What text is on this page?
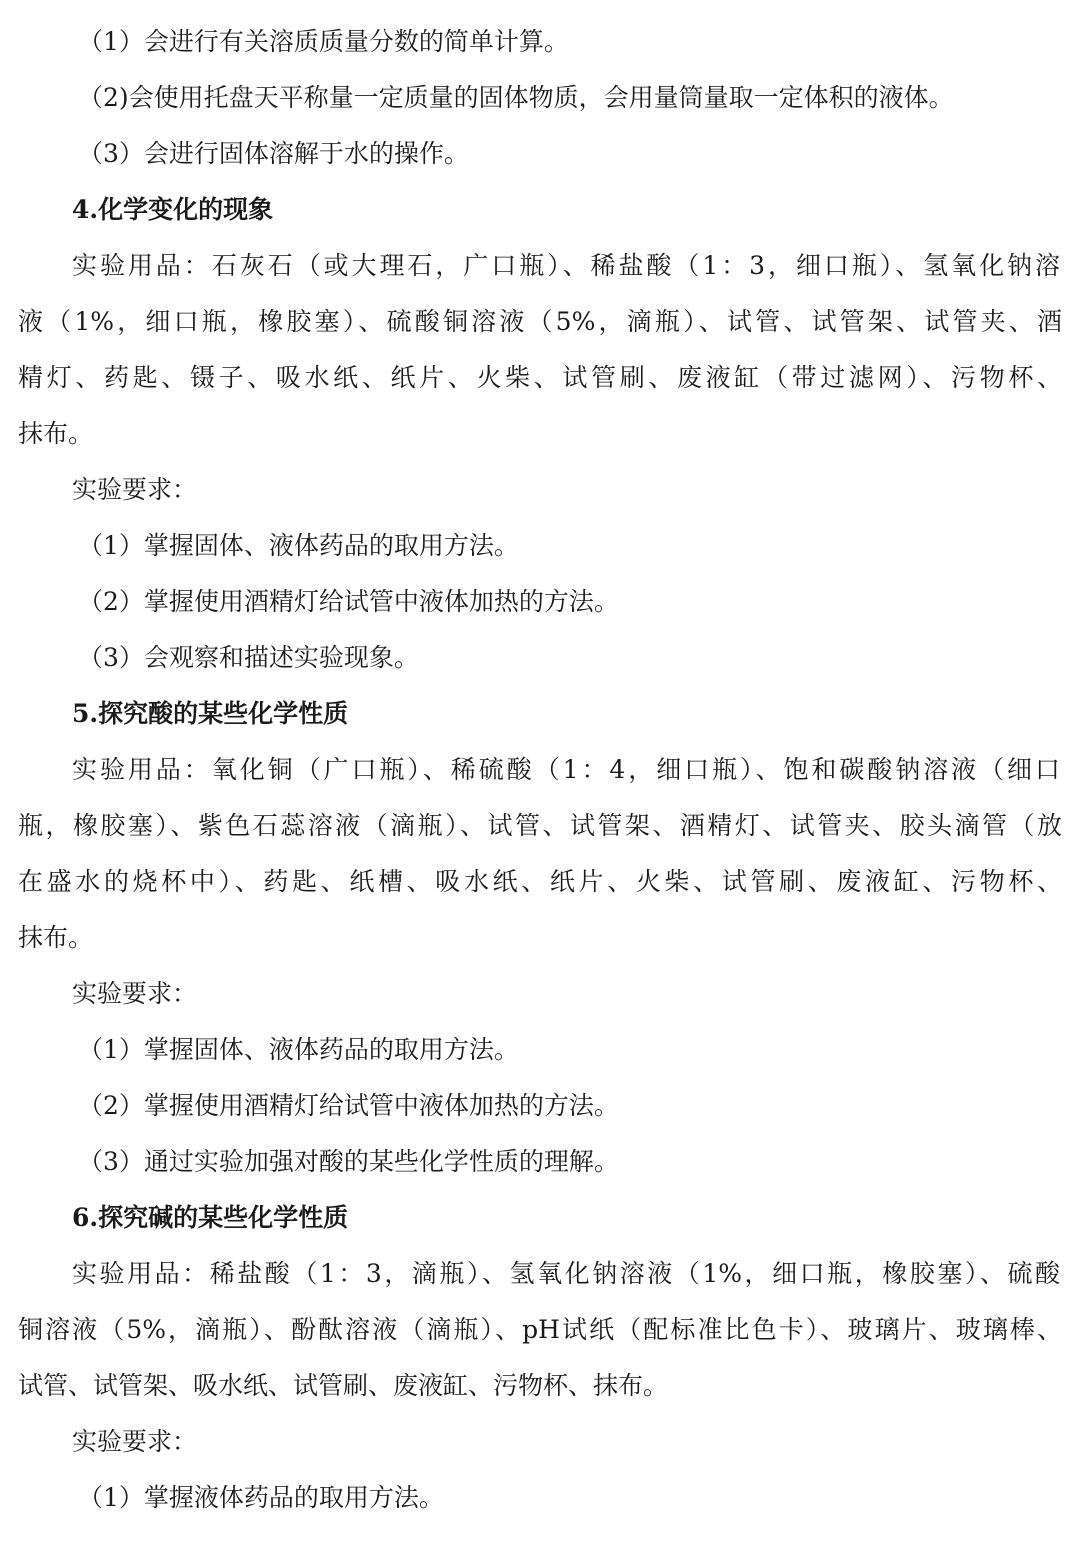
（1）会进行有关溶质质量分数的简单计算。
（2)会使用托盘天平称量一定质量的固体物质，会用量筒量取一定体积的液体。
（3）会进行固体溶解于水的操作。
4.化学变化的现象
实验用品：石灰石（或大理石，广口瓶）、稀盐酸（1：3，细口瓶）、氢氧化钠溶
液（1%，细口瓶，橡胶塞）、硫酸铜溶液（5%，滴瓶）、试管、试管架、试管夹、酒
精灯、药匙、镊子、吸水纸、纸片、火柴、试管刷、废液缸（带过滤网）、污物杯、
抹布。
实验要求：
（1）掌握固体、液体药品的取用方法。
（2）掌握使用酒精灯给试管中液体加热的方法。
（3）会观察和描述实验现象。
5.探究酸的某些化学性质
实验用品：氧化铜（广口瓶）、稀硫酸（1：4，细口瓶）、饱和碳酸钠溶液（细口
瓶，橡胶塞）、紫色石蕊溶液（滴瓶）、试管、试管架、酒精灯、试管夹、胶头滴管（放
在盛水的烧杯中）、药匙、纸槽、吸水纸、纸片、火柴、试管刷、废液缸、污物杯、
抹布。
实验要求：
（1）掌握固体、液体药品的取用方法。
（2）掌握使用酒精灯给试管中液体加热的方法。
（3）通过实验加强对酸的某些化学性质的理解。
6.探究碱的某些化学性质
实验用品：稀盐酸（1：3，滴瓶）、氢氧化钠溶液（1%，细口瓶，橡胶塞）、硫酸
铜溶液（5%，滴瓶）、酚酞溶液（滴瓶）、pH试纸（配标准比色卡）、玻璃片、玻璃棒、
试管、试管架、吸水纸、试管刷、废液缸、污物杯、抹布。
实验要求：
（1）掌握液体药品的取用方法。
